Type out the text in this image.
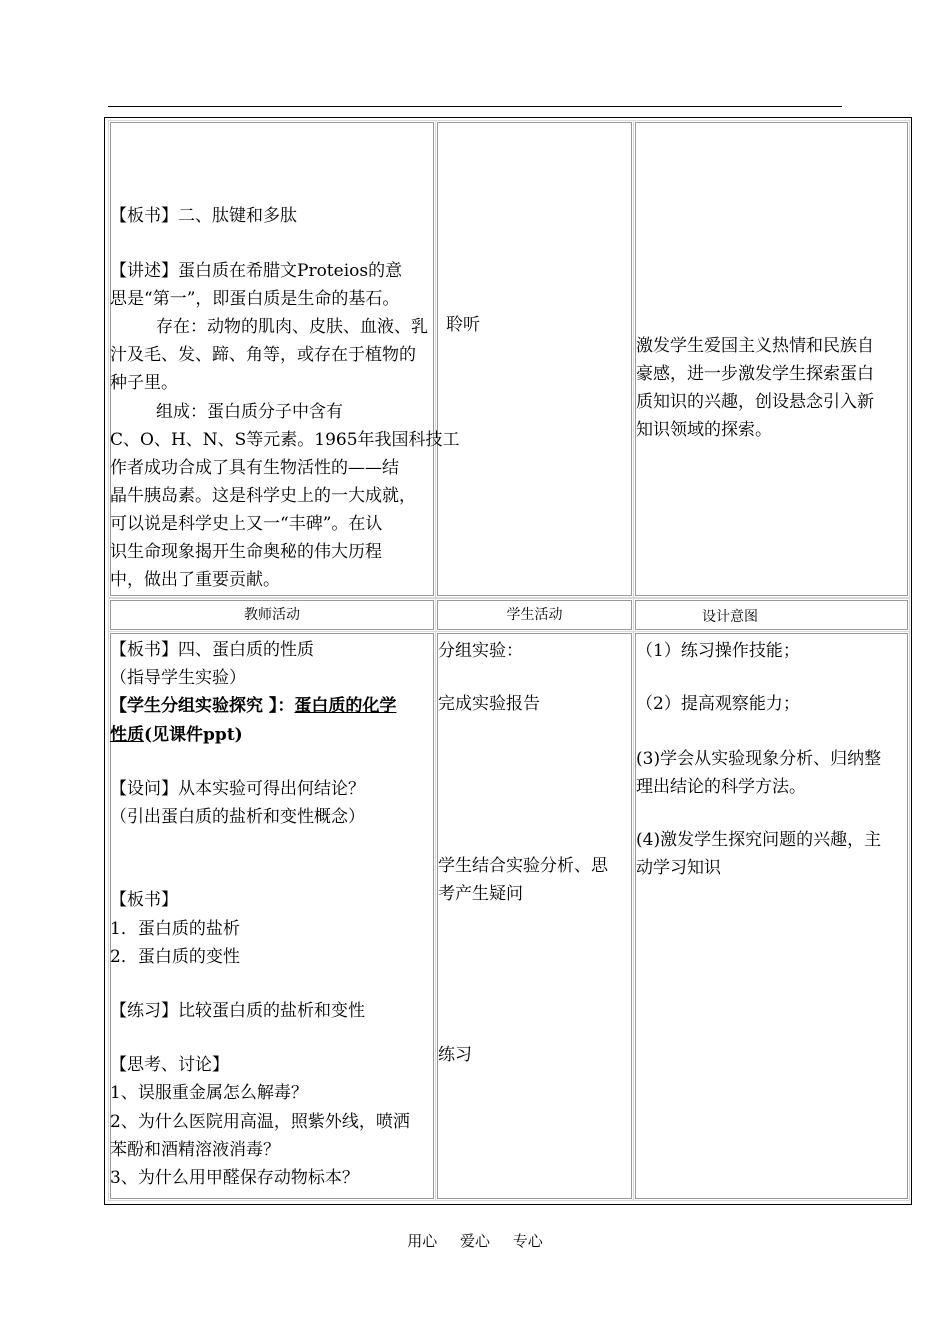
【板书】二、肽键和多肽
【讲述】蛋白质在希腊文Proteios的意
思是“第一”，即蛋白质是生命的基石。
存在：动物的肌肉、皮肤、血液、乳
汁及毛、发、蹄、角等，或存在于植物的
种子里。
组成：蛋白质分子中含有
C、O、H、N、S等元素。1965年我国科技工
作者成功合成了具有生物活性的——结
晶牛胰岛素。这是科学史上的一大成就，
可以说是科学史上又一“丰碑”。在认
识生命现象揭开生命奥秘的伟大历程
中，做出了重要贡献。
聆听
激发学生爱国主义热情和民族自
豪感，进一步激发学生探索蛋白
质知识的兴趣，创设悬念引入新
知识领域的探索。
教师活动	学生活动	设计意图
【板书】四、蛋白质的性质
（指导学生实验）
【学生分组实验探究 】：蛋白质的化学
性质(见课件ppt)
【设问】从本实验可得出何结论？
（引出蛋白质的盐析和变性概念）
【板书】
1．蛋白质的盐析
2．蛋白质的变性
【练习】比较蛋白质的盐析和变性
【思考、讨论】
1、误服重金属怎么解毒？
2、为什么医院用高温，照紫外线，喷洒
苯酚和酒精溶液消毒？
3、为什么用甲醛保存动物标本？
分组实验：
完成实验报告
学生结合实验分析、思
考产生疑问
练习
（1）练习操作技能；
（2）提高观察能力；
(3)学会从实验现象分析、归纳整
理出结论的科学方法。
(4)激发学生探究问题的兴趣，主
动学习知识
用心 爱心 专心
